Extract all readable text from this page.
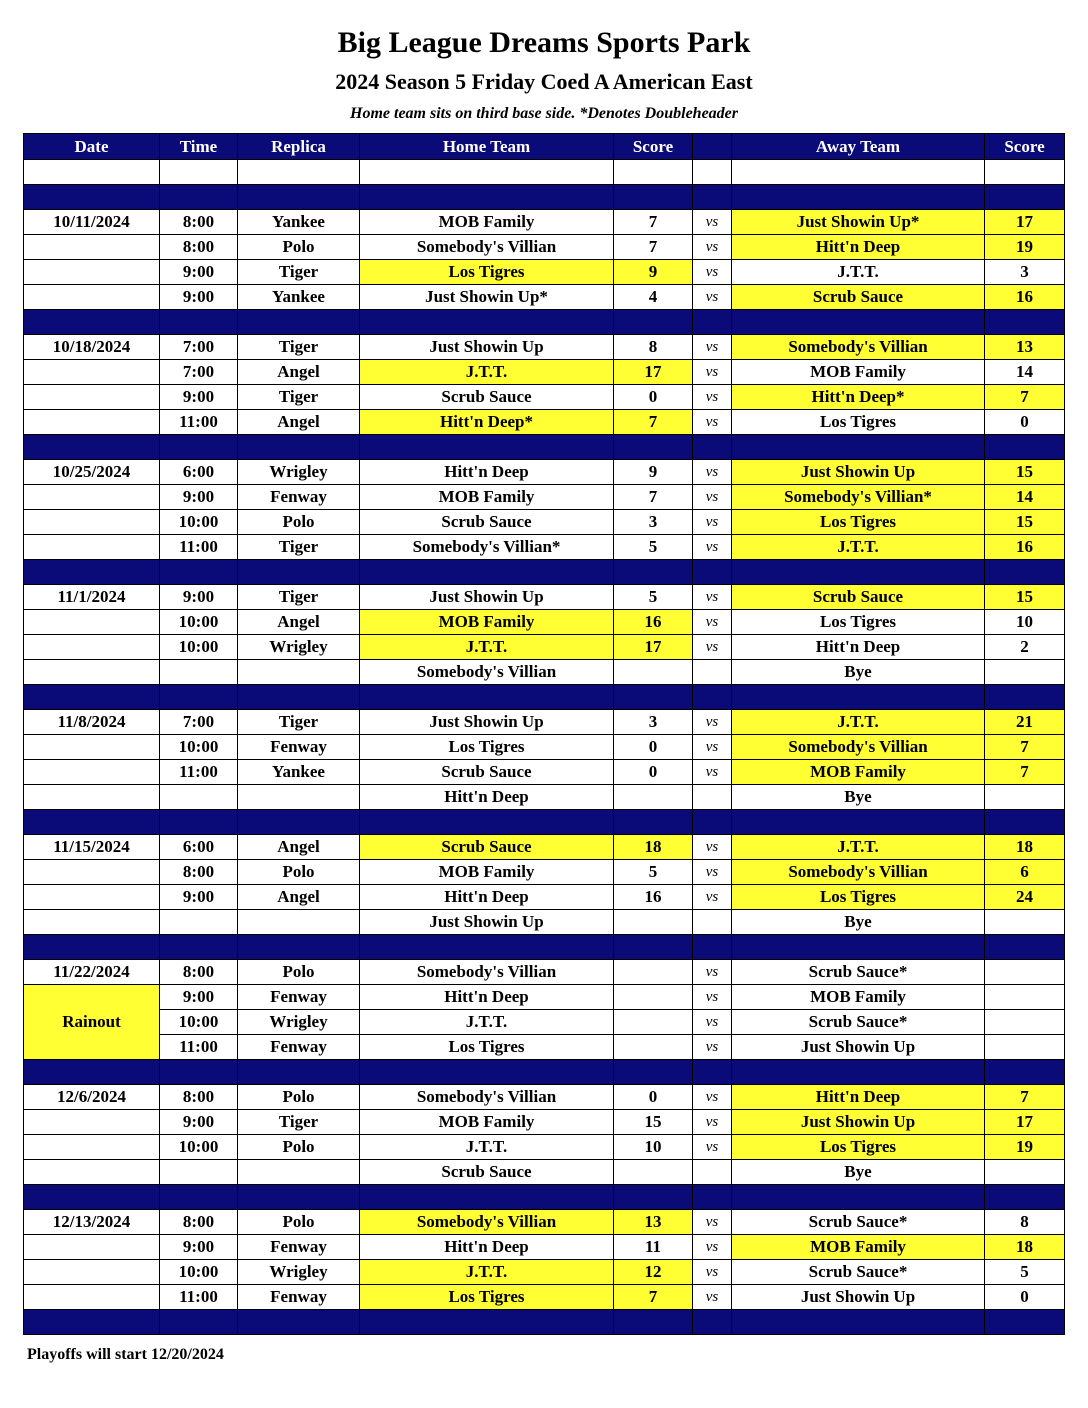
Big League Dreams Sports Park
2024 Season 5 Friday Coed A American East
Home team sits on third base side. *Denotes Doubleheader
Date	Time	Replica	Home Team	Score		Away Team	Score

10/11/2024	8:00	Yankee	MOB Family	7	vs	Just Showin Up*	17
	8:00	Polo	Somebody's Villian	7	vs	Hitt'n Deep	19
	9:00	Tiger	Los Tigres	9	vs	J.T.T.	3
	9:00	Yankee	Just Showin Up*	4	vs	Scrub Sauce	16

10/18/2024	7:00	Tiger	Just Showin Up	8	vs	Somebody's Villian	13
	7:00	Angel	J.T.T.	17	vs	MOB Family	14
	9:00	Tiger	Scrub Sauce	0	vs	Hitt'n Deep*	7
	11:00	Angel	Hitt'n Deep*	7	vs	Los Tigres	0

10/25/2024	6:00	Wrigley	Hitt'n Deep	9	vs	Just Showin Up	15
	9:00	Fenway	MOB Family	7	vs	Somebody's Villian*	14
	10:00	Polo	Scrub Sauce	3	vs	Los Tigres	15
	11:00	Tiger	Somebody's Villian*	5	vs	J.T.T.	16

11/1/2024	9:00	Tiger	Just Showin Up	5	vs	Scrub Sauce	15
	10:00	Angel	MOB Family	16	vs	Los Tigres	10
	10:00	Wrigley	J.T.T.	17	vs	Hitt'n Deep	2
			Somebody's Villian			Bye	

11/8/2024	7:00	Tiger	Just Showin Up	3	vs	J.T.T.	21
	10:00	Fenway	Los Tigres	0	vs	Somebody's Villian	7
	11:00	Yankee	Scrub Sauce	0	vs	MOB Family	7
			Hitt'n Deep			Bye	

11/15/2024	6:00	Angel	Scrub Sauce	18	vs	J.T.T.	18
	8:00	Polo	MOB Family	5	vs	Somebody's Villian	6
	9:00	Angel	Hitt'n Deep	16	vs	Los Tigres	24
			Just Showin Up			Bye	

11/22/2024	8:00	Polo	Somebody's Villian		vs	Scrub Sauce*	
Rainout	9:00	Fenway	Hitt'n Deep		vs	MOB Family	
	10:00	Wrigley	J.T.T.		vs	Scrub Sauce*	
	11:00	Fenway	Los Tigres		vs	Just Showin Up	

12/6/2024	8:00	Polo	Somebody's Villian	0	vs	Hitt'n Deep	7
	9:00	Tiger	MOB Family	15	vs	Just Showin Up	17
	10:00	Polo	J.T.T.	10	vs	Los Tigres	19
			Scrub Sauce			Bye	

12/13/2024	8:00	Polo	Somebody's Villian	13	vs	Scrub Sauce*	8
	9:00	Fenway	Hitt'n Deep	11	vs	MOB Family	18
	10:00	Wrigley	J.T.T.	12	vs	Scrub Sauce*	5
	11:00	Fenway	Los Tigres	7	vs	Just Showin Up	0

Playoffs will start 12/20/2024
